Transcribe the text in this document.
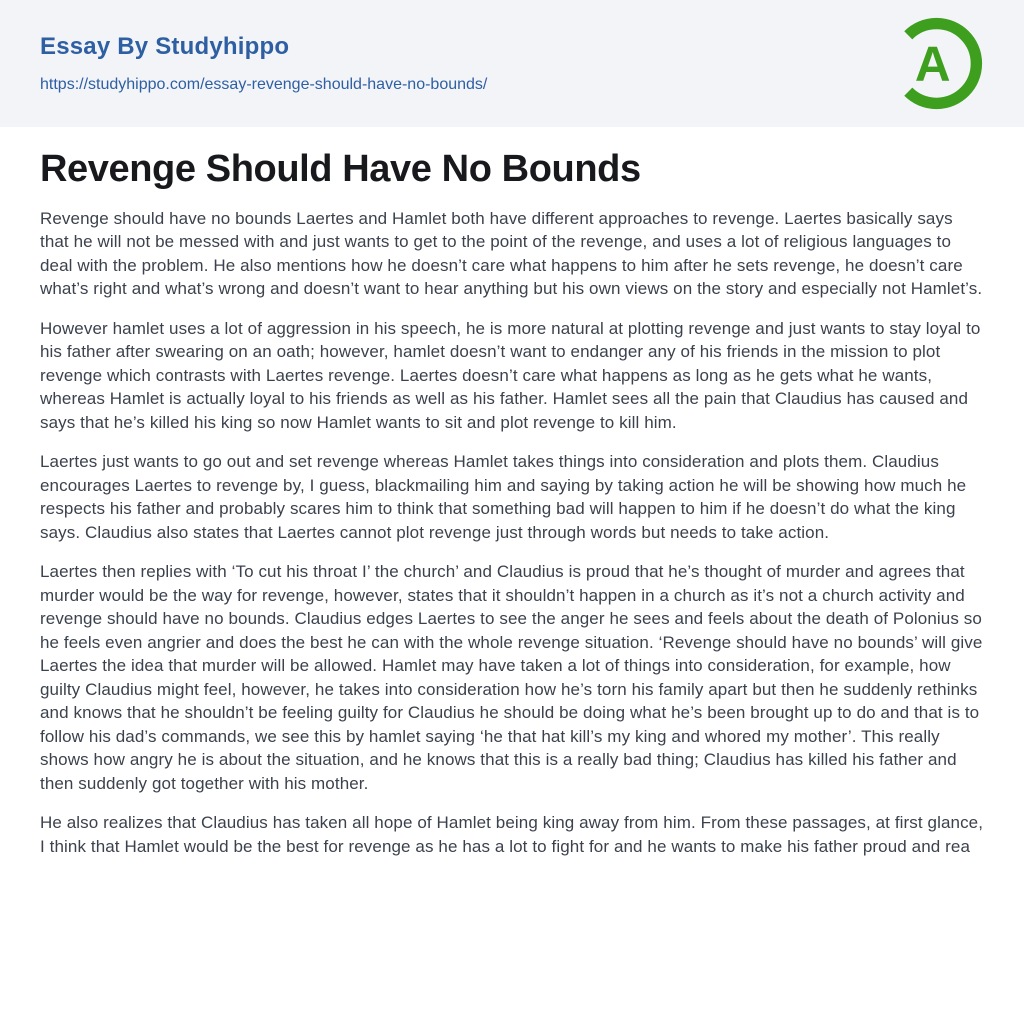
Essay By Studyhippo
https://studyhippo.com/essay-revenge-should-have-no-bounds/	A
Revenge Should Have No Bounds

Revenge should have no bounds Laertes and Hamlet both have different approaches to revenge. Laertes basically says that he will not be messed with and just wants to get to the point of the revenge, and uses a lot of religious languages to deal with the problem. He also mentions how he doesn’t care what happens to him after he sets revenge, he doesn’t care what’s right and what’s wrong and doesn’t want to hear anything but his own views on the story and especially not Hamlet’s.

However hamlet uses a lot of aggression in his speech, he is more natural at plotting revenge and just wants to stay loyal to his father after swearing on an oath; however, hamlet doesn’t want to endanger any of his friends in the mission to plot revenge which contrasts with Laertes revenge. Laertes doesn’t care what happens as long as he gets what he wants, whereas Hamlet is actually loyal to his friends as well as his father. Hamlet sees all the pain that Claudius has caused and says that he’s killed his king so now Hamlet wants to sit and plot revenge to kill him.

Laertes just wants to go out and set revenge whereas Hamlet takes things into consideration and plots them. Claudius encourages Laertes to revenge by, I guess, blackmailing him and saying by taking action he will be showing how much he respects his father and probably scares him to think that something bad will happen to him if he doesn’t do what the king says. Claudius also states that Laertes cannot plot revenge just through words but needs to take action.

Laertes then replies with ‘To cut his throat I’ the church’ and Claudius is proud that he’s thought of murder and agrees that murder would be the way for revenge, however, states that it shouldn’t happen in a church as it’s not a church activity and revenge should have no bounds. Claudius edges Laertes to see the anger he sees and feels about the death of Polonius so he feels even angrier and does the best he can with the whole revenge situation. ‘Revenge should have no bounds’ will give Laertes the idea that murder will be allowed. Hamlet may have taken a lot of things into consideration, for example, how guilty Claudius might feel, however, he takes into consideration how he’s torn his family apart but then he suddenly rethinks and knows that he shouldn’t be feeling guilty for Claudius he should be doing what he’s been brought up to do and that is to follow his dad’s commands, we see this by hamlet saying ‘he that hat kill’s my king and whored my mother’. This really shows how angry he is about the situation, and he knows that this is a really bad thing; Claudius has killed his father and then suddenly got together with his mother.

He also realizes that Claudius has taken all hope of Hamlet being king away from him. From these passages, at first glance, I think that Hamlet would be the best for revenge as he has a lot to fight for and he wants to make his father proud and rea
